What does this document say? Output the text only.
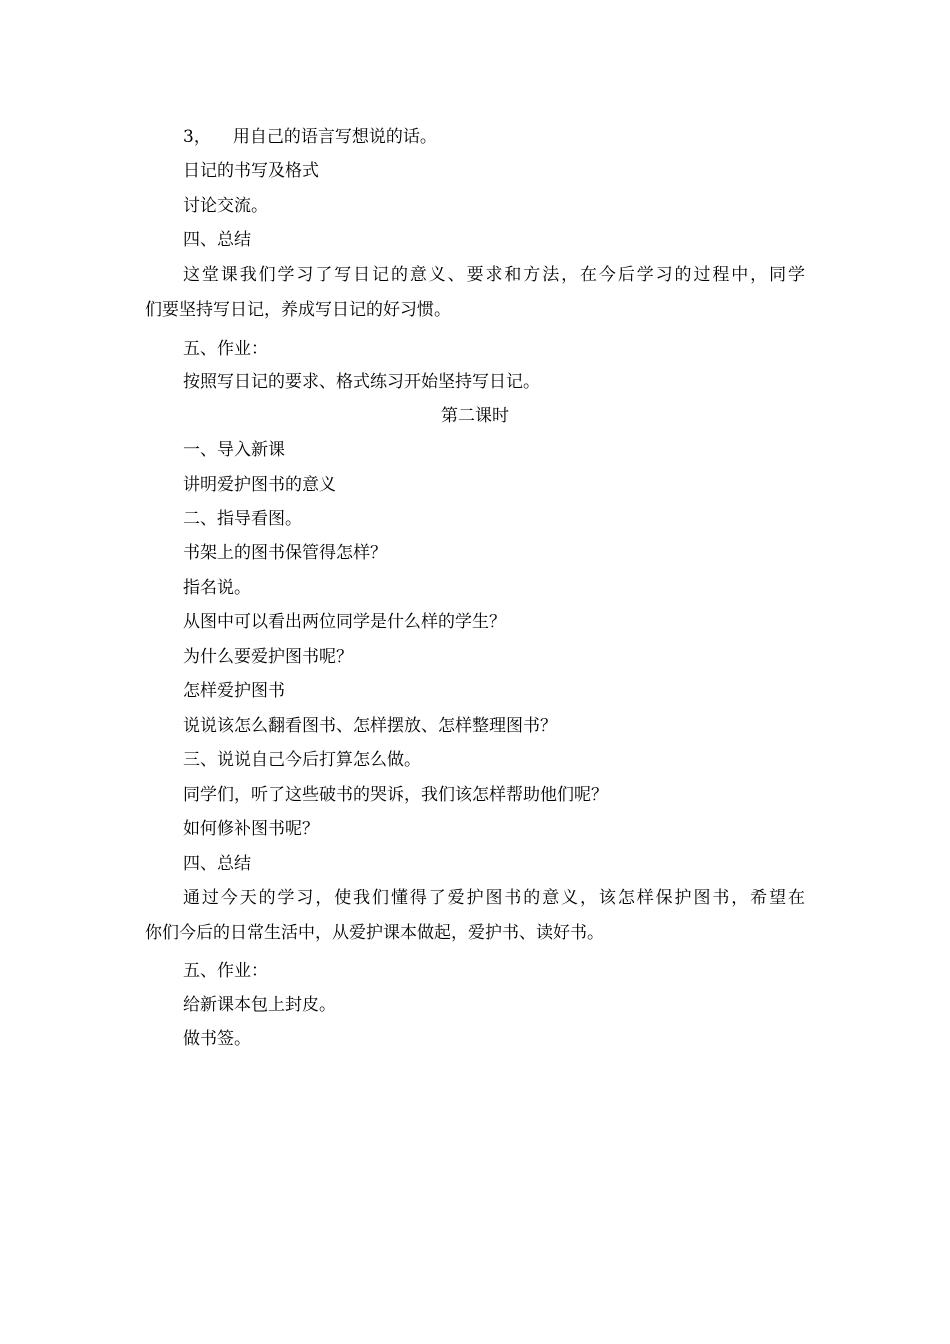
3， 用自己的语言写想说的话。
日记的书写及格式
讨论交流。
四、总结
这堂课我们学习了写日记的意义、要求和方法，在今后学习的过程中，同学
们要坚持写日记，养成写日记的好习惯。
五、作业：
按照写日记的要求、格式练习开始坚持写日记。
第二课时
一、导入新课
讲明爱护图书的意义
二、指导看图。
书架上的图书保管得怎样？
指名说。
从图中可以看出两位同学是什么样的学生？
为什么要爱护图书呢？
怎样爱护图书
说说该怎么翻看图书、怎样摆放、怎样整理图书？
三、说说自己今后打算怎么做。
同学们，听了这些破书的哭诉，我们该怎样帮助他们呢？
如何修补图书呢？
四、总结
通过今天的学习，使我们懂得了爱护图书的意义，该怎样保护图书，希望在
你们今后的日常生活中，从爱护课本做起，爱护书、读好书。
五、作业：
给新课本包上封皮。
做书签。
